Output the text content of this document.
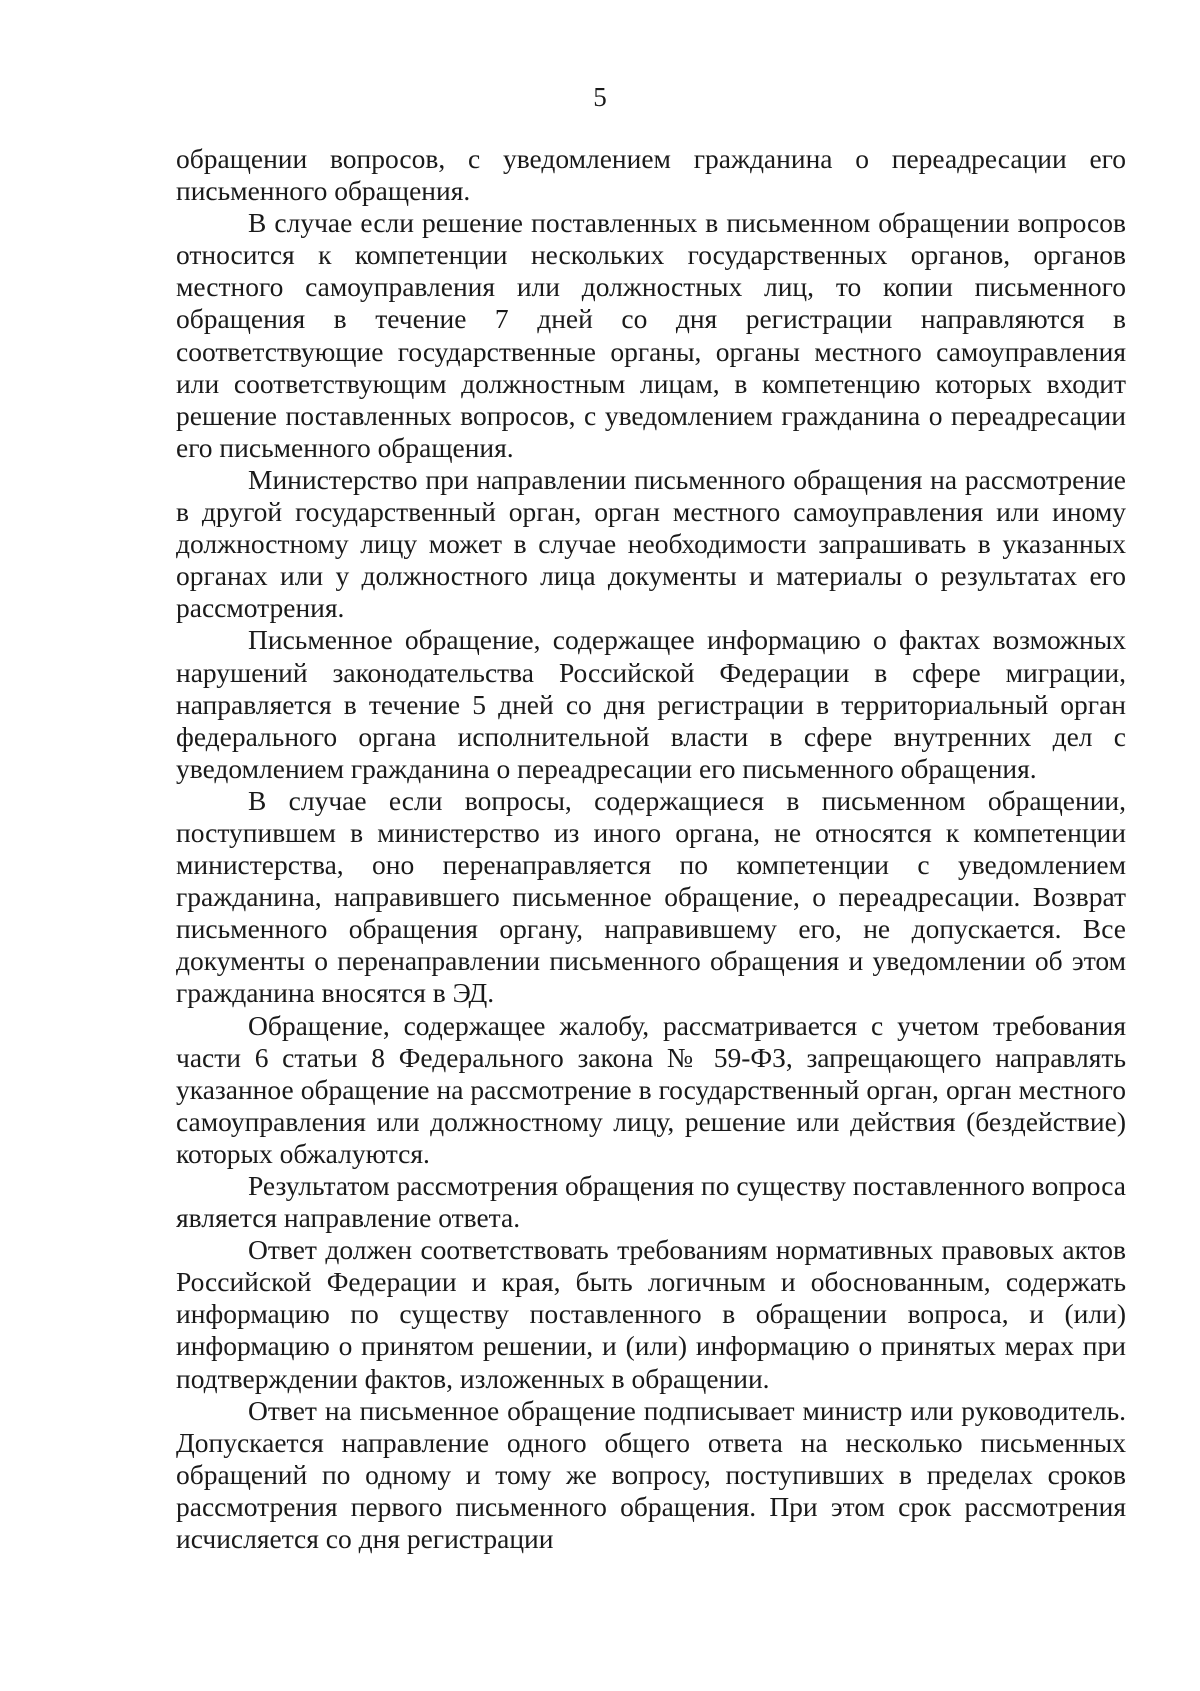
5

обращении вопросов, с уведомлением гражданина о переадресации его письменного обращения.

В случае если решение поставленных в письменном обращении вопросов относится к компетенции нескольких государственных органов, органов местного самоуправления или должностных лиц, то копии письменного обращения в течение 7 дней со дня регистрации направляются в соответствующие государственные органы, органы местного самоуправления или соответствующим должностным лицам, в компетенцию которых входит решение поставленных вопросов, с уведомлением гражданина о переадресации его письменного обращения.

Министерство при направлении письменного обращения на рассмотрение в другой государственный орган, орган местного самоуправления или иному должностному лицу может в случае необходимости запрашивать в указанных органах или у должностного лица документы и материалы о результатах его рассмотрения.

Письменное обращение, содержащее информацию о фактах возможных нарушений законодательства Российской Федерации в сфере миграции, направляется в течение 5 дней со дня регистрации в территориальный орган федерального органа исполнительной власти в сфере внутренних дел с уведомлением гражданина о переадресации его письменного обращения.

В случае если вопросы, содержащиеся в письменном обращении, поступившем в министерство из иного органа, не относятся к компетенции министерства, оно перенаправляется по компетенции с уведомлением гражданина, направившего письменное обращение, о переадресации. Возврат письменного обращения органу, направившему его, не допускается. Все документы о перенаправлении письменного обращения и уведомлении об этом гражданина вносятся в ЭД.

Обращение, содержащее жалобу, рассматривается с учетом требования части 6 статьи 8 Федерального закона № 59-ФЗ, запрещающего направлять указанное обращение на рассмотрение в государственный орган, орган местного самоуправления или должностному лицу, решение или действия (бездействие) которых обжалуются.

Результатом рассмотрения обращения по существу поставленного вопроса является направление ответа.

Ответ должен соответствовать требованиям нормативных правовых актов Российской Федерации и края, быть логичным и обоснованным, содержать информацию по существу поставленного в обращении вопроса, и (или) информацию о принятом решении, и (или) информацию о принятых мерах при подтверждении фактов, изложенных в обращении.

Ответ на письменное обращение подписывает министр или руководитель. Допускается направление одного общего ответа на несколько письменных обращений по одному и тому же вопросу, поступивших в пределах сроков рассмотрения первого письменного обращения. При этом срок рассмотрения исчисляется со дня регистрации
